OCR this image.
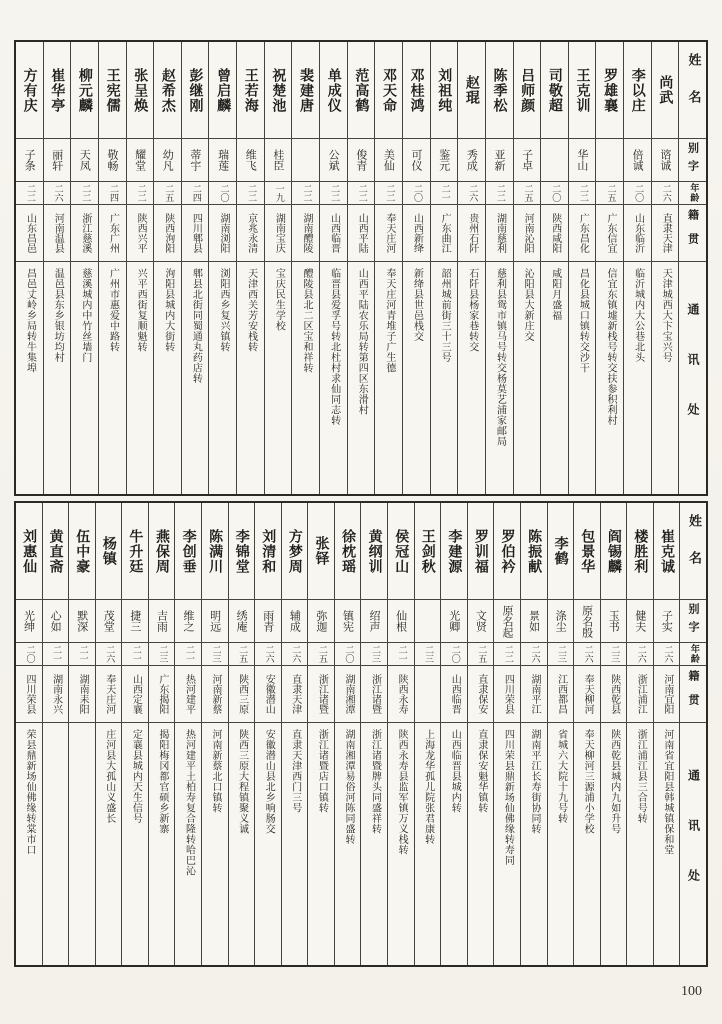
姓名
别字
年龄
籍贯
通讯处
尚武
谘诚
二六
直隶天津
天津城西大卞宝兴号
李以庄
倍诚
二〇
山东临沂
临沂城内大公巷北头
罗雄襄
二五
广东信宜
信宜东镇墟新栈号转交扶参积利村
王克训
华山
二二
广东昌化
昌化县城口镇转交沙干
司敬超
二〇
陕西咸阳
咸阳月盛福
吕师颜
子卓
二五
河南沁阳
沁阳县大新庄交
陈季松
亚新
二二
湖南慈利
慈利县鸳市镇马号转交杨莫艺浦家邮局
赵琨
秀成
二六
贵州石阡
石阡县杨家巷转交
刘祖纯
鉴元
二一
广东曲江
韶州城前街三十三号
邓桂鸿
可仪
二〇
山西新绛
新绛县世邑栈交
邓天命
美仙
二二
奉天庄河
奉天庄河青堆子广生德
范高鹤
俊青
二二
山西平陆
山西平陆农乐局转第四区东滑村
单成仪
公斌
二二
山西临晋
临晋县爱孚号转北杜村求仙同志转
裴建唐
二二
湖南醴陵
醴陵县北二区宝和祥转
祝楚池
桂臣
一九
湖南宝庆
宝庆民生学校
王若海
维飞
二二
京兆永清
天津西关芳安栈转
曾启麟
瑞莲
二〇
湖南浏阳
浏阳西乡复兴镇转
彭继刚
蒂宇
二四
四川郫县
郫县北街同蜀通丸药店转
赵希杰
幼凡
二五
陕西洵阳
洵阳县城内大街转
张呈焕
耀堂
二二
陕西兴平
兴平西街复顺魁转
王宪儒
敬畅
二四
广东广州
广州市惠爱中路转
柳元麟
天凤
二二
浙江慈溪
慈溪城内中竹丝墙门
崔华亭
丽轩
二六
河南温县
温邑县东乡银坊均村
方有庆
子条
二二
山东昌邑
昌邑丈岭乡局转牛集埠
姓名
别字
年龄
籍贯
通讯处
崔克诚
子实
二六
河南宜阳
河南省宜阳县韩城镇保和堂
楼胜利
健夫
二六
浙江浦江
浙江浦江县三合号转
阎锡麟
玉书
二三
陕西乾县
陕西乾县城内九如升号
包景华
原名殷
二六
奉天柳河
奉天柳河三源浦小学校
李鹤
涤尘
二三
江西都昌
省城六大院十九号转
陈振献
景如
二六
湖南平江
湖南平江长寿街协同转
罗伯衿
原名起
二二
四川荣县
四川荣县鼎新场仙佛缘转寿同
罗训福
文贤
二五
直隶保安
直隶保安魁华镇转
李建源
光卿
二〇
山西临晋
山西临晋县城内转
王剑秋
二三
上海龙华孤儿院张君康转
侯冠山
仙根
二一
陕西永寿
陕西永寿县监军镇万义栈转
黄纲训
绍声
二三
浙江诸暨
浙江诸暨牌头同盛祥转
徐枕瑶
镇宪
二〇
湖南湘潭
湖南湘潭易俗河陈同盛转
张铎
弥迦
二五
浙江诸暨
浙江诸暨店口镇转
方梦周
辅成
二六
直隶天津
直隶天津西门三号
刘清和
雨青
二六
安徽潜山
安徽潜山县北乡响肠交
李锦堂
绣庵
二五
陕西三原
陕西三原大程镇聚义诚
陈满川
明远
二三
河南新蔡
河南新蔡北口镇转
李创垂
维之
二一
热河建平
热河建平土柏寿复合隆转哈巴沁
燕保周
吉雨
二三
广东揭阳
揭阳梅冈都官硕乡新寨
牛升廷
捷三
二一
山西定襄
定襄县城内天生信号
杨镇
茂堂
二六
奉天庄河
庄河县大孤山义盛长
伍中豪
默深
二一
湖南耒阳
黄直斋
心如
二一
湖南永兴
刘惠仙
光绅
二〇
四川荣县
荣县鼎新场仙佛缘转棠市口
100
